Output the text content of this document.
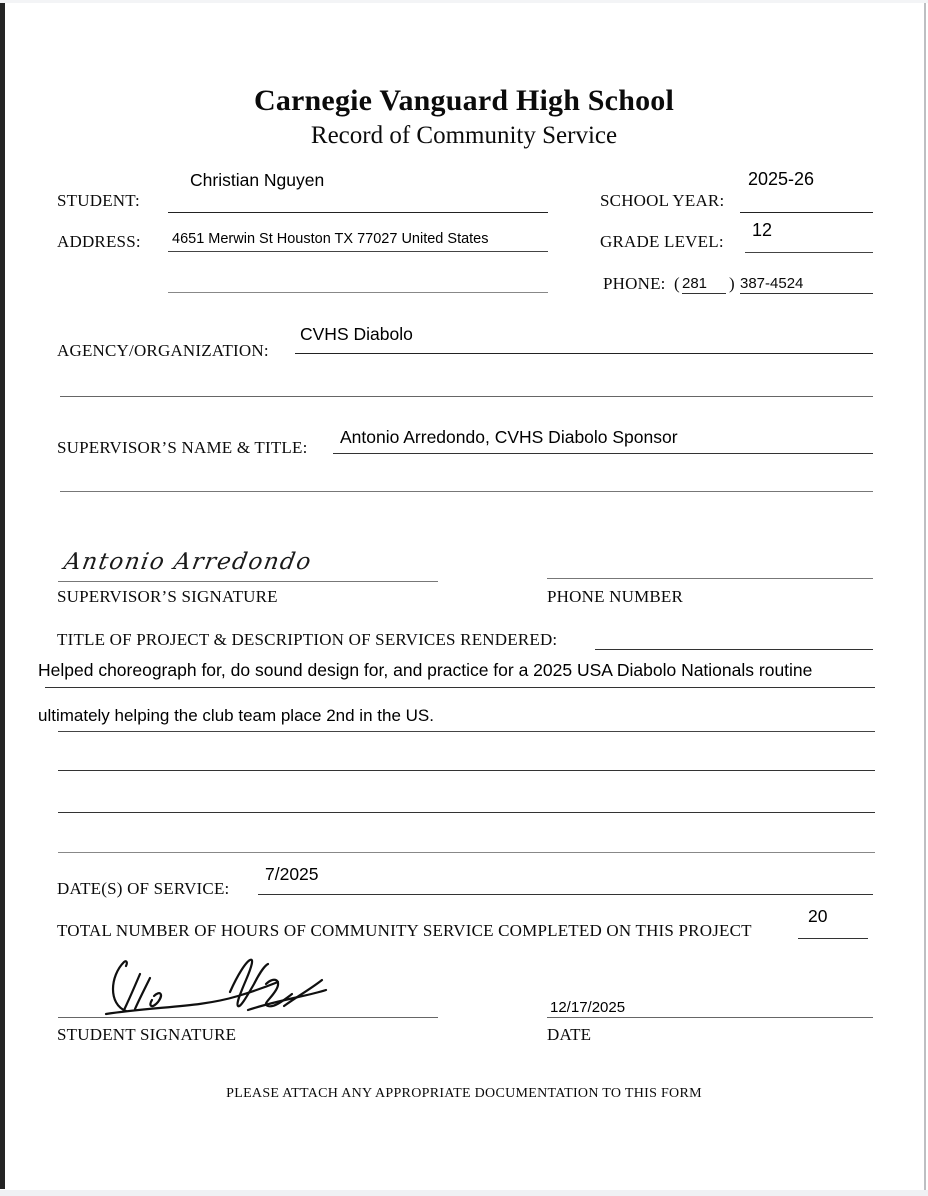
Carnegie Vanguard High School
Record of Community Service
STUDENT:
Christian Nguyen
SCHOOL YEAR:
2025-26
ADDRESS: 4651 Merwin St Houston TX 77027 United States	GRADE LEVEL:
12
PHONE: ( 281	) 387-4524
AGENCY/ORGANIZATION:
CVHS Diabolo
SUPERVISOR’S NAME & TITLE:
Antonio Arredondo, CVHS Diabolo Sponsor
Antonio Arredondo
SUPERVISOR’S SIGNATURE	PHONE NUMBER
TITLE OF PROJECT & DESCRIPTION OF SERVICES RENDERED:
Helped choreograph for, do sound design for, and practice for a 2025 USA Diabolo Nationals routine
ultimately helping the club team place 2nd in the US.
DATE(S) OF SERVICE:
7/2025
TOTAL NUMBER OF HOURS OF COMMUNITY SERVICE COMPLETED ON THIS PROJECT
20
STUDENT SIGNATURE
12/17/2025
DATE
PLEASE ATTACH ANY APPROPRIATE DOCUMENTATION TO THIS FORM
